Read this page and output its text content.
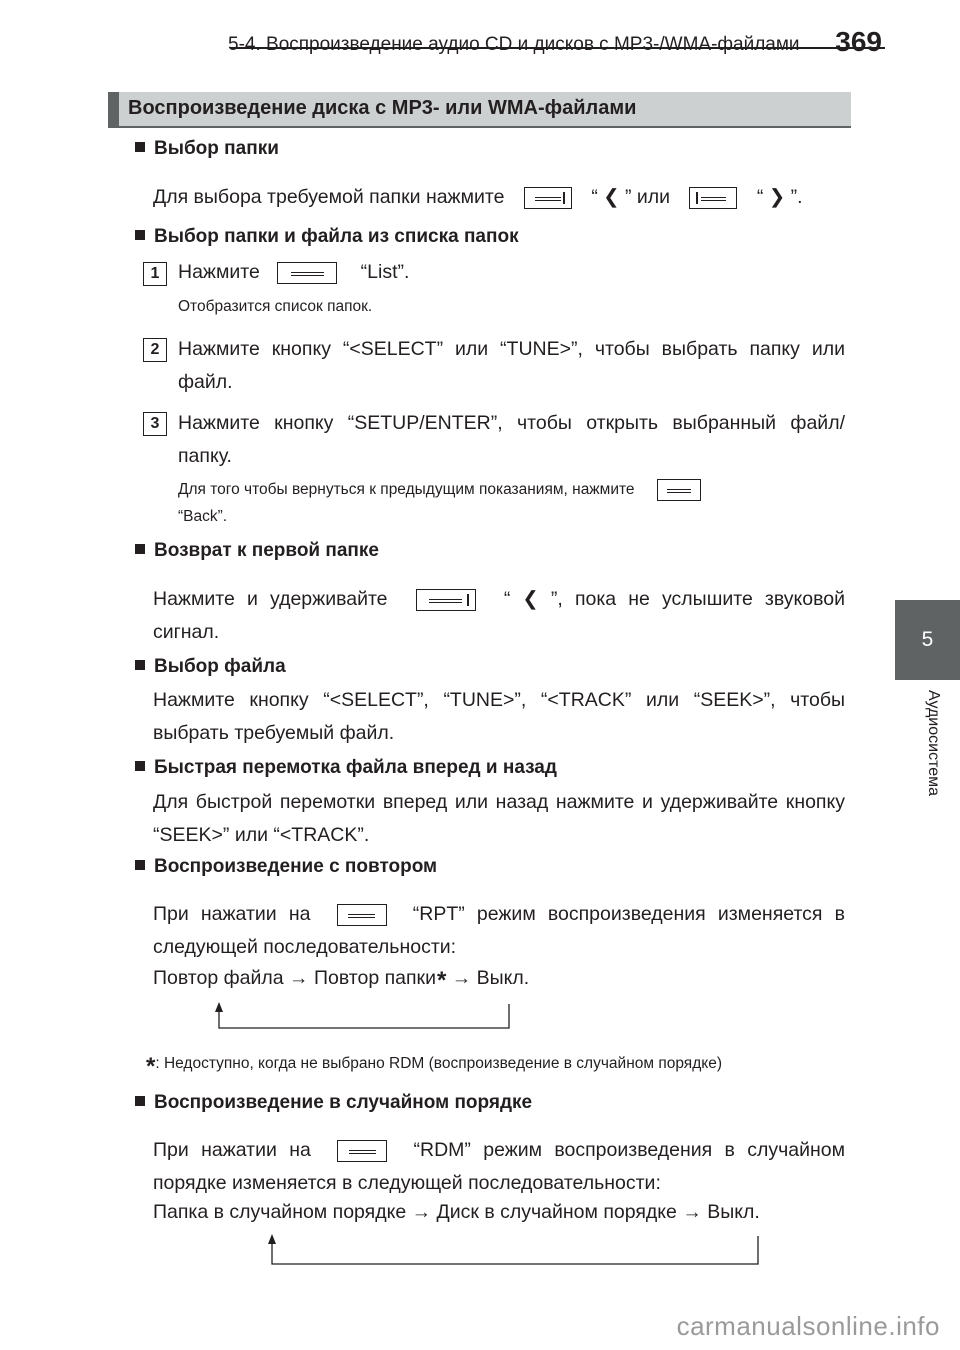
5-4. Воспроизведение аудио CD и дисков с MP3-/WMA-файлами 369
5
Аудиосистема
Воспроизведение диска с MP3- или WMA-файлами
Выбор папки
Для выбора требуемой папки нажмите	“ ❮ ” или	“ ❯ ”.
Выбор папки и файла из списка папок
1 Нажмите	“List”.
Отобразится список папок.
2 Нажмите кнопку “<SELECT” или “TUNE>”, чтобы выбрать папку или файл.
3 Нажмите кнопку “SETUP/ENTER”, чтобы открыть выбранный файл/папку.
Для того чтобы вернуться к предыдущим показаниям, нажмите
“Back”.
Возврат к первой папке
Нажмите и удерживайте	“ ❮ ”, пока не услышите звуковой сигнал.
Выбор файла
Нажмите кнопку “<SELECT”, “TUNE>”, “<TRACK” или “SEEK>”, чтобы выбрать требуемый файл.
Быстрая перемотка файла вперед и назад
Для быстрой перемотки вперед или назад нажмите и удерживайте кнопку “SEEK>” или “<TRACK”.
Воспроизведение с повтором
При нажатии на	“RPT” режим воспроизведения изменяется в следующей последовательности:
Повтор файла → Повтор папки* → Выкл.
*: Недоступно, когда не выбрано RDM (воспроизведение в случайном порядке)
Воспроизведение в случайном порядке
При нажатии на	“RDM” режим воспроизведения в случайном порядке изменяется в следующей последовательности:
Папка в случайном порядке → Диск в случайном порядке → Выкл.
carmanualsonline.info
